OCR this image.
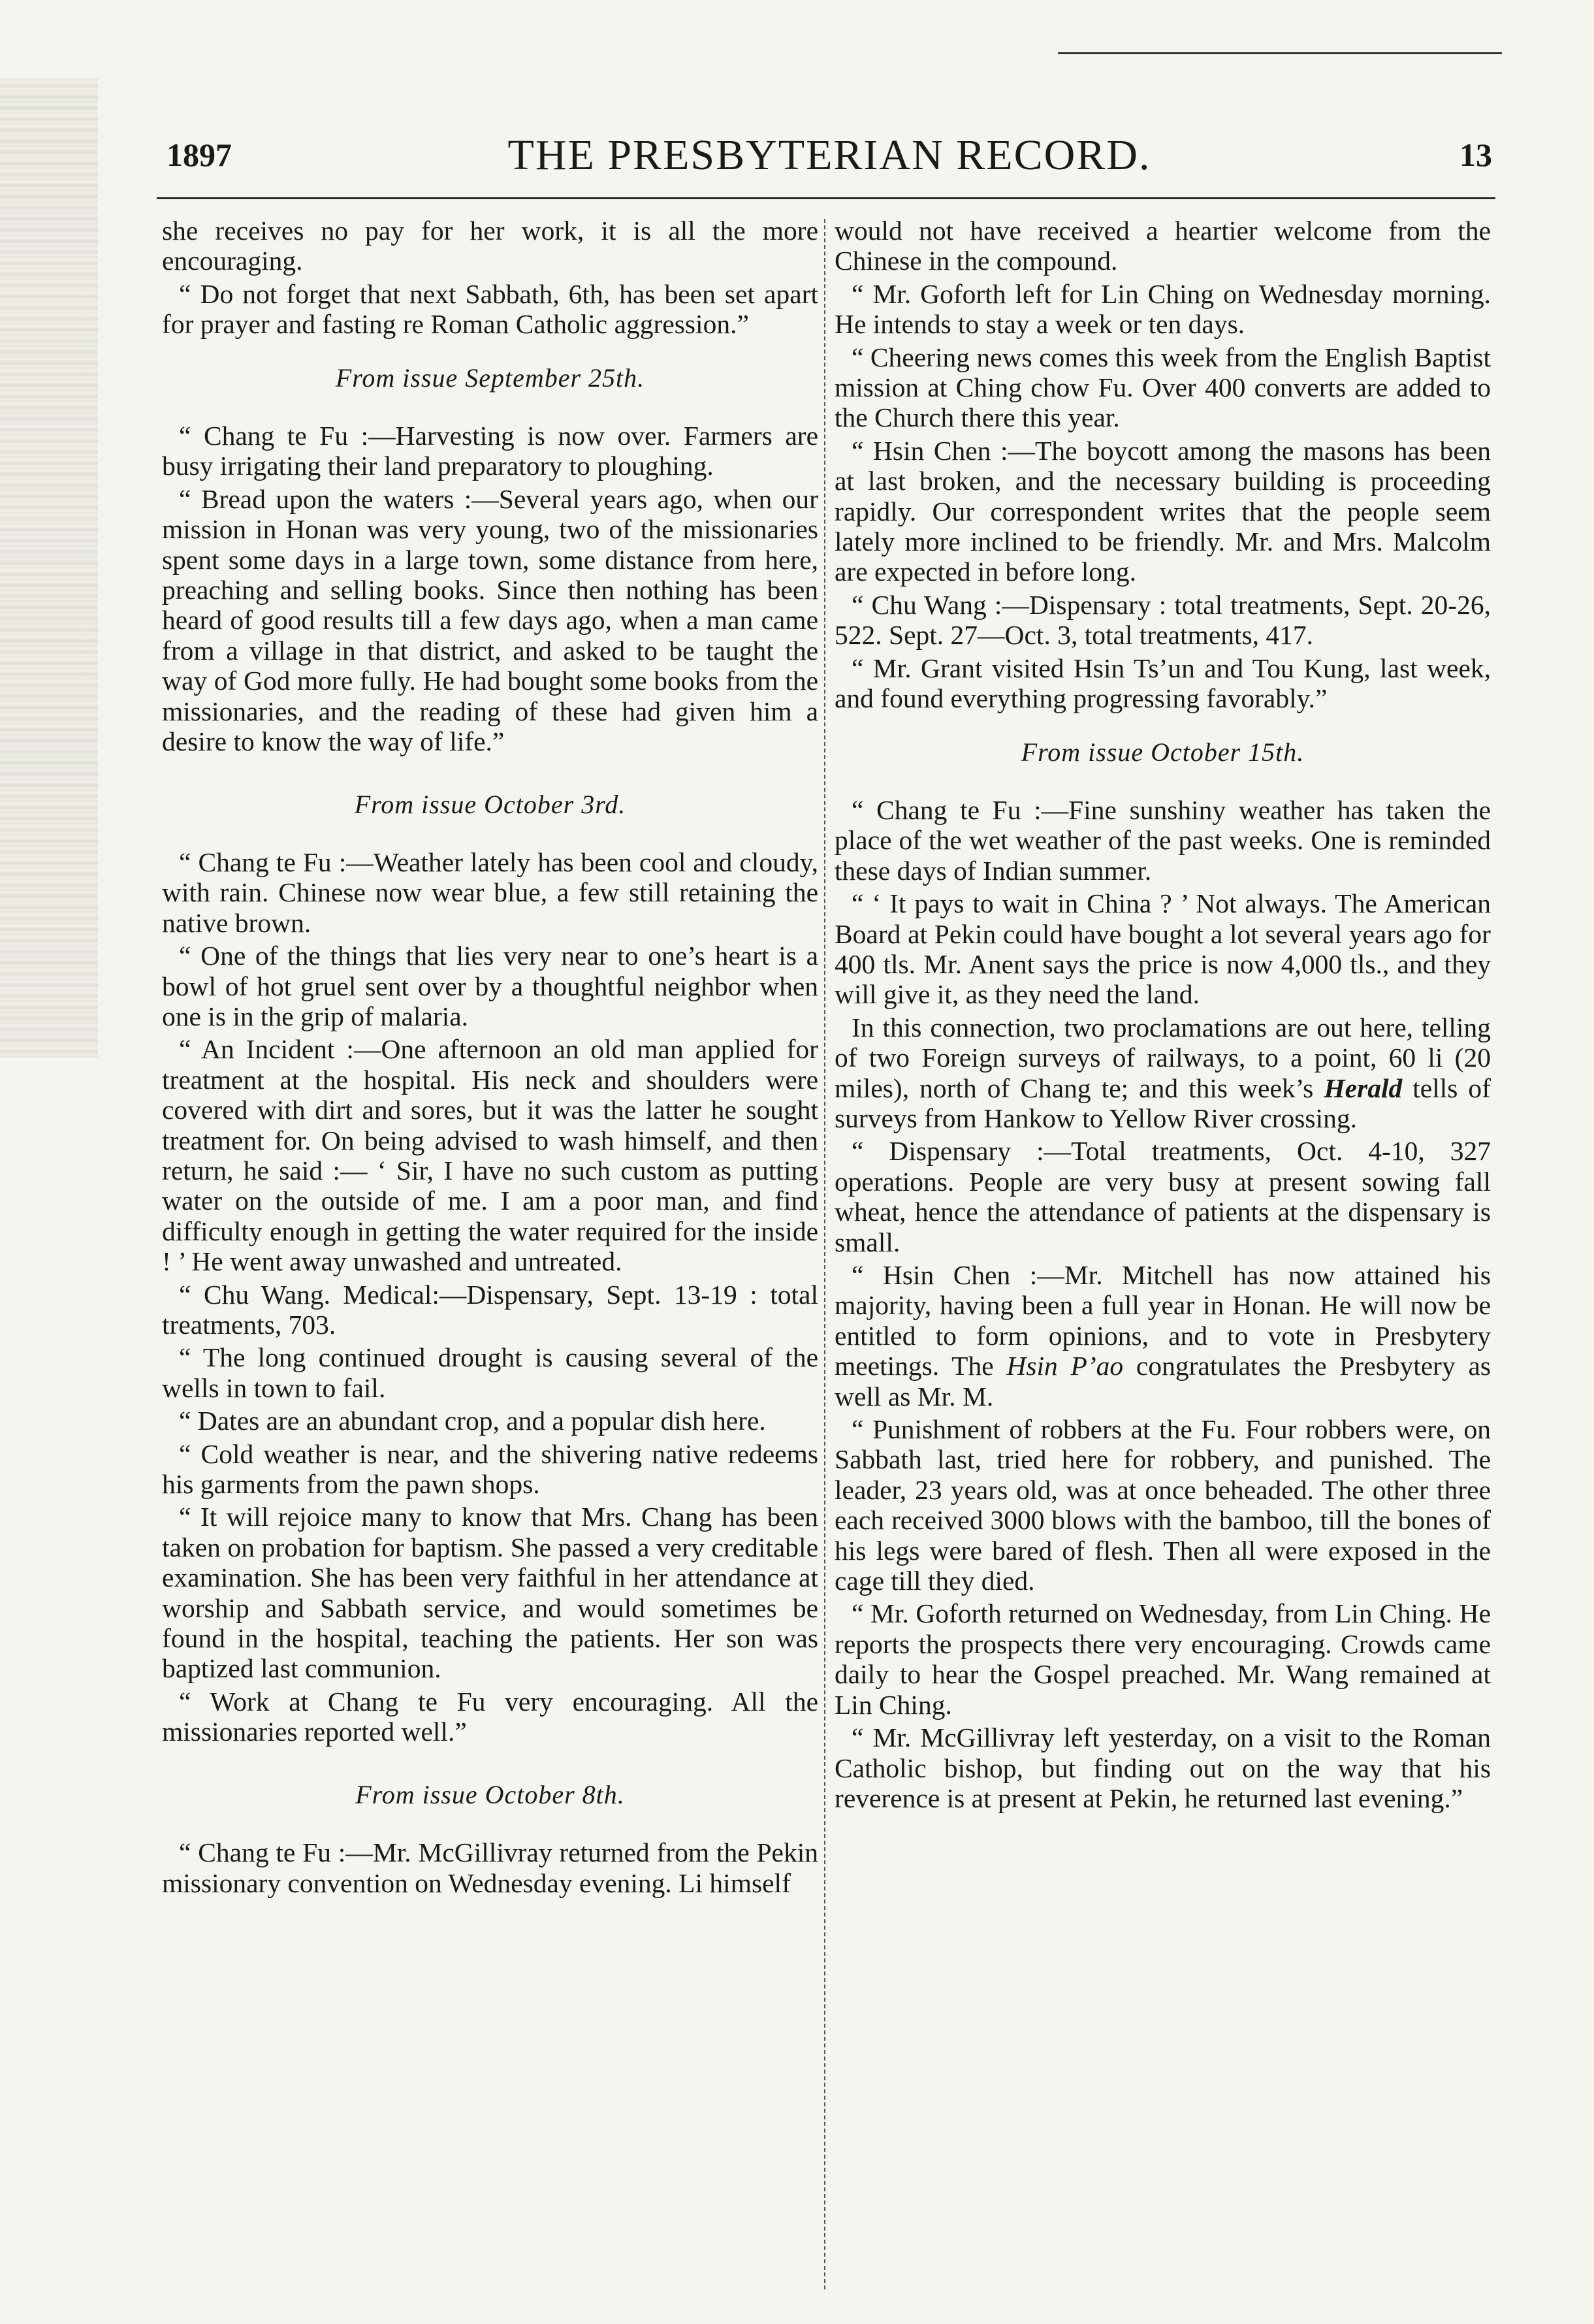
1897	THE PRESBYTERIAN RECORD.	13

she receives no pay for her work, it is all the more encouraging.

“ Do not forget that next Sabbath, 6th, has been set apart for prayer and fasting re Roman Catholic aggression.”

From issue September 25th.

“ Chang te Fu :—Harvesting is now over. Farmers are busy irrigating their land preparatory to ploughing.

“ Bread upon the waters :—Several years ago, when our mission in Honan was very young, two of the missionaries spent some days in a large town, some distance from here, preaching and selling books. Since then nothing has been heard of good results till a few days ago, when a man came from a village in that district, and asked to be taught the way of God more fully. He had bought some books from the missionaries, and the reading of these had given him a desire to know the way of life.”

From issue October 3rd.

“ Chang te Fu :—Weather lately has been cool and cloudy, with rain. Chinese now wear blue, a few still retaining the native brown.

“ One of the things that lies very near to one’s heart is a bowl of hot gruel sent over by a thoughtful neighbor when one is in the grip of malaria.

“ An Incident :—One afternoon an old man applied for treatment at the hospital. His neck and shoulders were covered with dirt and sores, but it was the latter he sought treatment for. On being advised to wash himself, and then return, he said :— ‘ Sir, I have no such custom as putting water on the outside of me. I am a poor man, and find difficulty enough in getting the water required for the inside ! ’ He went away unwashed and untreated.

“ Chu Wang. Medical:—Dispensary, Sept. 13-19 : total treatments, 703.

“ The long continued drought is causing several of the wells in town to fail.

“ Dates are an abundant crop, and a popular dish here.

“ Cold weather is near, and the shivering native redeems his garments from the pawn shops.

“ It will rejoice many to know that Mrs. Chang has been taken on probation for baptism. She passed a very creditable examination. She has been very faithful in her attendance at worship and Sabbath service, and would sometimes be found in the hospital, teaching the patients. Her son was baptized last communion.

“ Work at Chang te Fu very encouraging. All the missionaries reported well.”

From issue October 8th.

“ Chang te Fu :—Mr. McGillivray returned from the Pekin missionary convention on Wednesday evening. Li himself

would not have received a heartier welcome from the Chinese in the compound.

“ Mr. Goforth left for Lin Ching on Wednesday morning. He intends to stay a week or ten days.

“ Cheering news comes this week from the English Baptist mission at Ching chow Fu. Over 400 converts are added to the Church there this year.

“ Hsin Chen :—The boycott among the masons has been at last broken, and the necessary building is proceeding rapidly. Our correspondent writes that the people seem lately more inclined to be friendly. Mr. and Mrs. Malcolm are expected in before long.

“ Chu Wang :—Dispensary : total treatments, Sept. 20-26, 522. Sept. 27—Oct. 3, total treatments, 417.

“ Mr. Grant visited Hsin Ts’un and Tou Kung, last week, and found everything progressing favorably.”

From issue October 15th.

“ Chang te Fu :—Fine sunshiny weather has taken the place of the wet weather of the past weeks. One is reminded these days of Indian summer.

“ ‘ It pays to wait in China ? ’ Not always. The American Board at Pekin could have bought a lot several years ago for 400 tls. Mr. Anent says the price is now 4,000 tls., and they will give it, as they need the land.

In this connection, two proclamations are out here, telling of two Foreign surveys of railways, to a point, 60 li (20 miles), north of Chang te; and this week’s Herald tells of surveys from Hankow to Yellow River crossing.

“ Dispensary :—Total treatments, Oct. 4-10, 327 operations. People are very busy at present sowing fall wheat, hence the attendance of patients at the dispensary is small.

“ Hsin Chen :—Mr. Mitchell has now attained his majority, having been a full year in Honan. He will now be entitled to form opinions, and to vote in Presbytery meetings. The Hsin P’ao congratulates the Presbytery as well as Mr. M.

“ Punishment of robbers at the Fu. Four robbers were, on Sabbath last, tried here for robbery, and punished. The leader, 23 years old, was at once beheaded. The other three each received 3000 blows with the bamboo, till the bones of his legs were bared of flesh. Then all were exposed in the cage till they died.

“ Mr. Goforth returned on Wednesday, from Lin Ching. He reports the prospects there very encouraging. Crowds came daily to hear the Gospel preached. Mr. Wang remained at Lin Ching.

“ Mr. McGillivray left yesterday, on a visit to the Roman Catholic bishop, but finding out on the way that his reverence is at present at Pekin, he returned last evening.”
